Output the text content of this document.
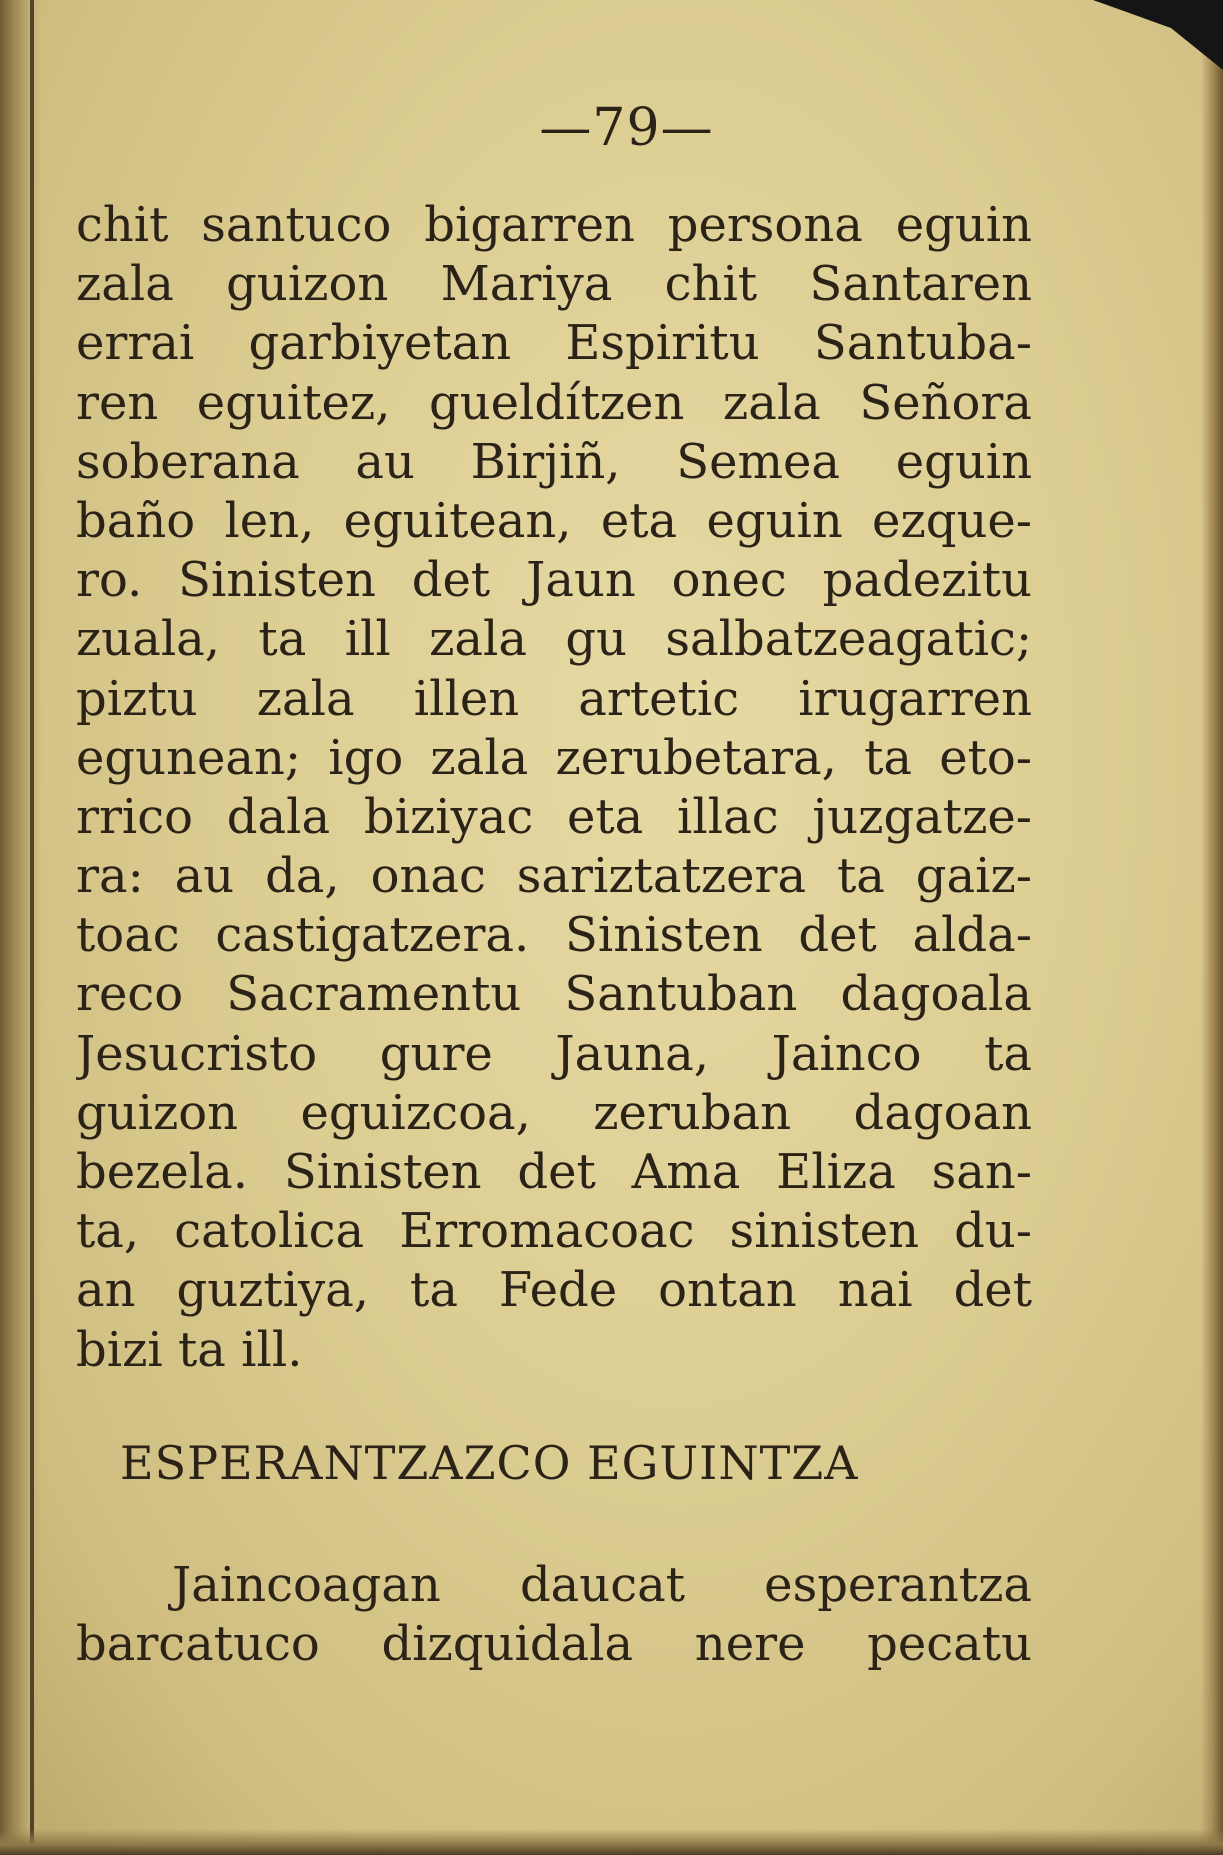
—79—
chit santuco bigarren persona eguin
zala guizon Mariya chit Santaren
errai garbiyetan Espiritu Santuba-
ren eguitez, gueldítzen zala Señora
soberana au Birjiñ, Semea eguin
baño len, eguitean, eta eguin ezque-
ro. Sinisten det Jaun onec padezitu
zuala, ta ill zala gu salbatzeagatic;
piztu zala illen artetic irugarren
egunean; igo zala zerubetara, ta eto-
rrico dala biziyac eta illac juzgatze-
ra: au da, onac sariztatzera ta gaiz-
toac castigatzera. Sinisten det alda-
reco Sacramentu Santuban dagoala
Jesucristo gure Jauna, Jainco ta
guizon eguizcoa, zeruban dagoan
bezela. Sinisten det Ama Eliza san-
ta, catolica Erromacoac sinisten du-
an guztiya, ta Fede ontan nai det
bizi ta ill.
ESPERANTZAZCO EGUINTZA
Jaincoagan daucat esperantza
barcatuco dizquidala nere pecatu
